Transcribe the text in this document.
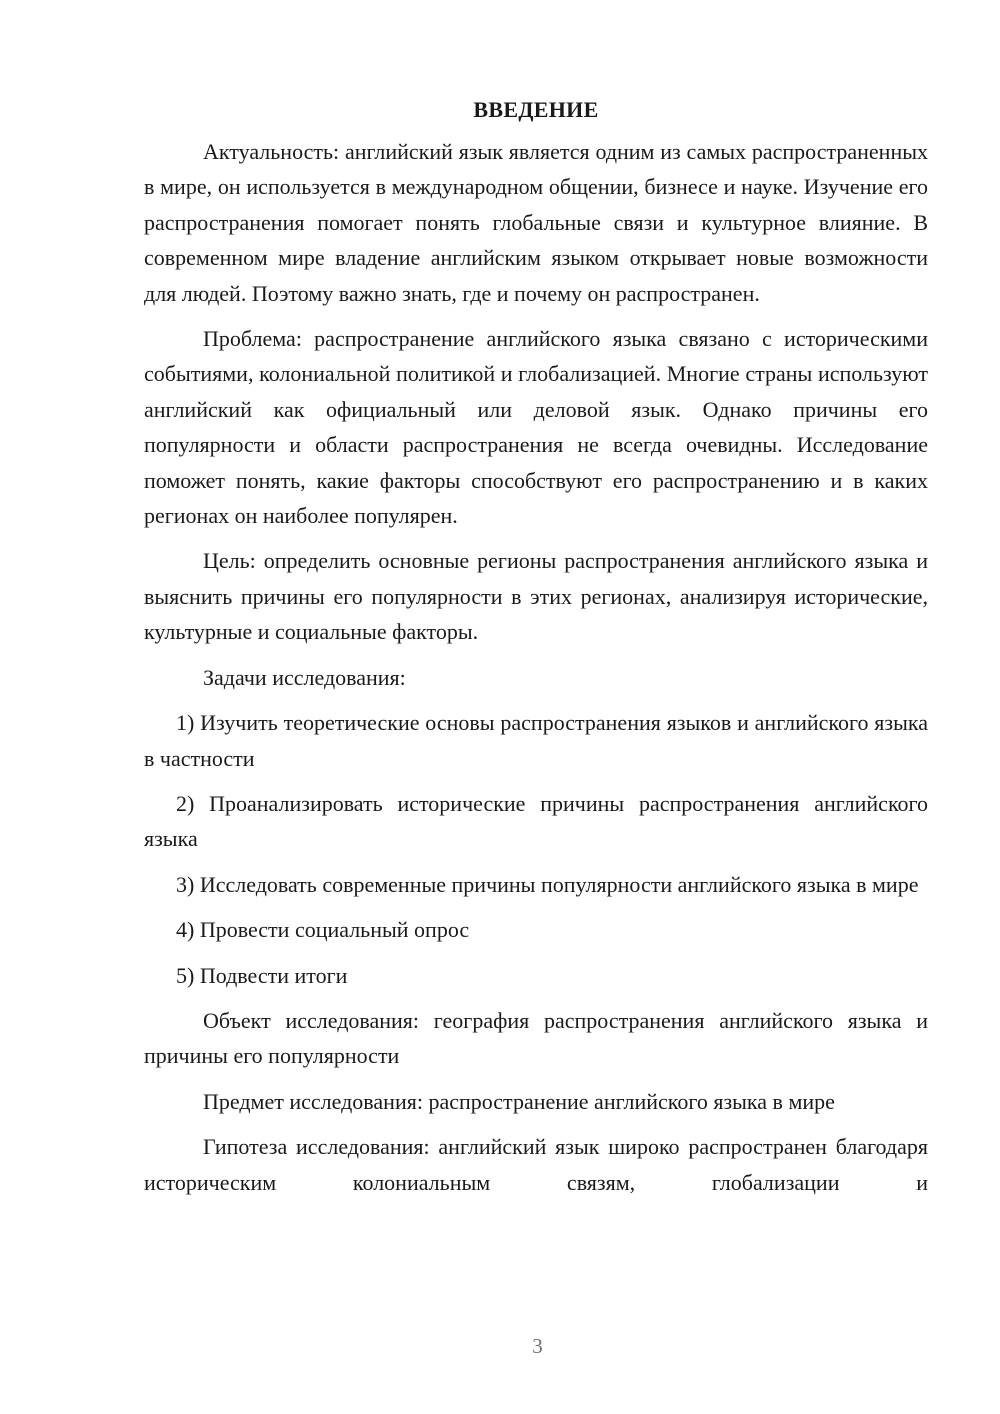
ВВЕДЕНИЕ

Актуальность: английский язык является одним из самых распространенных в мире, он используется в международном общении, бизнесе и науке. Изучение его распространения помогает понять глобальные связи и культурное влияние. В современном мире владение английским языком открывает новые возможности для людей. Поэтому важно знать, где и почему он распространен.

Проблема: распространение английского языка связано с историческими событиями, колониальной политикой и глобализацией. Многие страны используют английский как официальный или деловой язык. Однако причины его популярности и области распространения не всегда очевидны. Исследование поможет понять, какие факторы способствуют его распространению и в каких регионах он наиболее популярен.

Цель: определить основные регионы распространения английского языка и выяснить причины его популярности в этих регионах, анализируя исторические, культурные и социальные факторы.

Задачи исследования:

1) Изучить теоретические основы распространения языков и английского языка в частности

2) Проанализировать исторические причины распространения английского языка

3) Исследовать современные причины популярности английского языка в мире

4) Провести социальный опрос

5) Подвести итоги

Объект исследования: география распространения английского языка и причины его популярности

Предмет исследования: распространение английского языка в мире

Гипотеза исследования: английский язык широко распространен благодаря историческим колониальным связям, глобализации и

3
